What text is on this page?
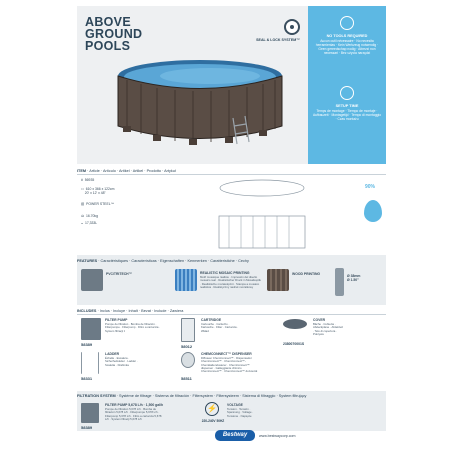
ABOVE
GROUND
POOLS	SEAL & LOCK SYSTEM™
NO TOOLS REQUIRED
Aucun outil nécessaire · No necesita herramientas · Kein Werkzeug notwendig · Geen gereedschap nodig · Attrezzi non necessari · Bez użycia narzędzi
SETUP TIME
Temps de montage · Tiempo de montaje · Aufbauzeit · Montagetijd · Tempo di montaggio · Czas montażu
ITEM · Article · Artículo · Artikel · Artikel · Prodotto · Artykuł
#  56935
⬭  610 x 366 x 122cm
20' x 12' x 48"
▥  POWER STEEL™
⚖  16.70kg
◒  17,333L
90%
FEATURES · Caractéristiques · Características · Eigenschaften · Kenmerken · Caratteristiche · Cechy
PVC/TRITECH™	REALISTIC MOSAIC PRINTING
Motif mosaïque réaliste · Impresión del diseño mosaico real · Realistischer Druck in Mosaikoptik · Realistische mozaïekprint · Stampa a mosaico realistica · Realistyczny nadruk mozaikowy
WOOD PRINTING	Ø 38mm
Ø 1.50"
INCLUDES · Inclus · Incluye · Inhalt · Bevat · Include · Zawiera
58389
FILTER PUMP
Pompe de filtration · Bomba de filtración · Filterpumpe · Filterpomp · Filtro a cartuccia · System filtracji z
58012
CARTRIDGE
Cartouche · Cartucho · Kartusche · Filter · Cartuccia · Wkład
2380070001S
COVER
Bâche · Cubierta · Abdeckplane · Afdekzeil · Telo di copertura · Pokrywa
58331
LADDER
Échelle · Escalera · Sicherheitsleiter · Ladder · Scaletta · Drabinka
58511
CHEMCONNECT™ DISPENSER
Diffuseur ChemConnect™ · Dispensador ChemConnect™ · ChemConnect™-Chemikaliendosierer · ChemConnect™ dispenser · Galleggiante chimico ChemConnect™ · ChemConnect™ dozownik
FILTRATION SYSTEM · Système de filtrage · Sistema de filtración · Filtersystem · Filtersysteem · Sistema di filtraggio · System filtrujący
58389
FILTER PUMP 5,678 L/h · 1,500 gal/h
Pompe de filtration 5,678 L/h · Bomba de filtración 5,678 L/h · Filterpumpe 5,678 L/h · Filterpomp 5,678 L/h · Filtro a cartuccia 5,678 L/h · System filtracji 5,678 L/h
⚡
220-240V 50HZ
VOLTAGE
Tension · Tensión · Spannung · Voltage · Tensione · Napięcie
Bestway	www.bestwaycorp.com
